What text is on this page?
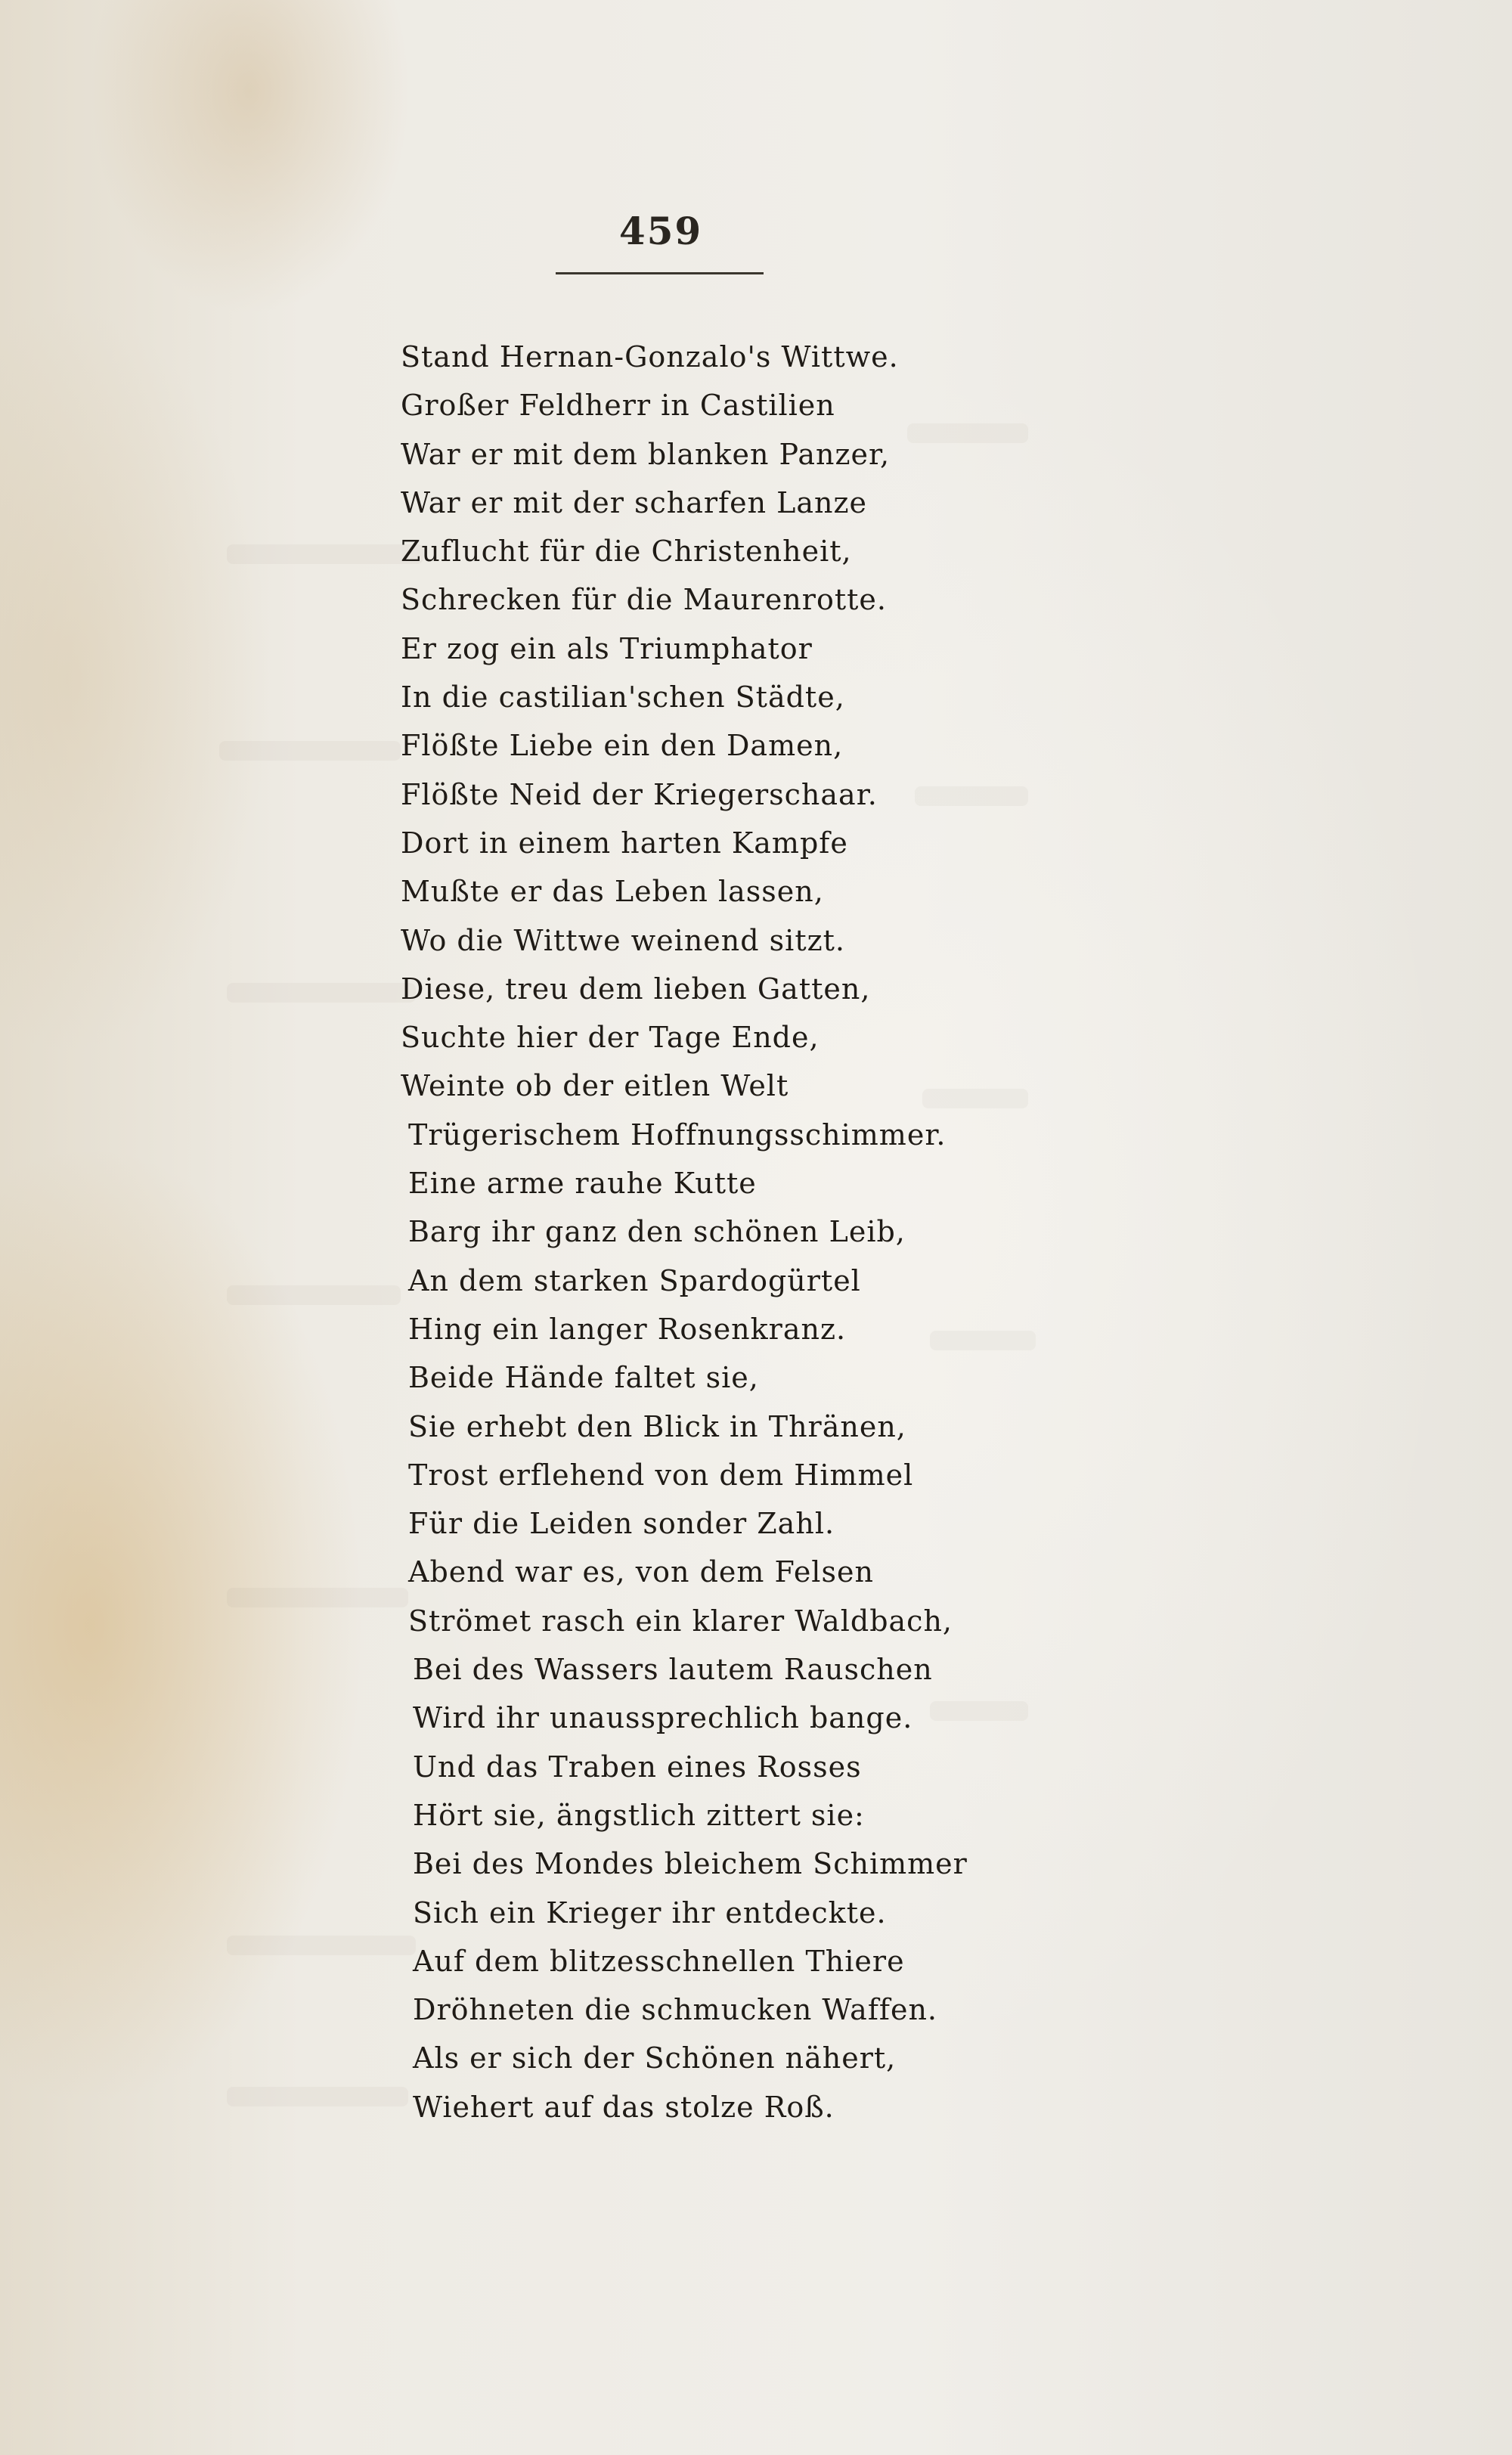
459
Stand Hernan-Gonzalo's Wittwe.
Großer Feldherr in Castilien
War er mit dem blanken Panzer,
War er mit der scharfen Lanze
Zuflucht für die Christenheit,
Schrecken für die Maurenrotte.
Er zog ein als Triumphator
In die castilian'schen Städte,
Flößte Liebe ein den Damen,
Flößte Neid der Kriegerschaar.
Dort in einem harten Kampfe
Mußte er das Leben lassen,
Wo die Wittwe weinend sitzt.
Diese, treu dem lieben Gatten,
Suchte hier der Tage Ende,
Weinte ob der eitlen Welt
Trügerischem Hoffnungsschimmer.
Eine arme rauhe Kutte
Barg ihr ganz den schönen Leib,
An dem starken Spardogürtel
Hing ein langer Rosenkranz.
Beide Hände faltet sie,
Sie erhebt den Blick in Thränen,
Trost erflehend von dem Himmel
Für die Leiden sonder Zahl.
Abend war es, von dem Felsen
Strömet rasch ein klarer Waldbach,
Bei des Wassers lautem Rauschen
Wird ihr unaussprechlich bange.
Und das Traben eines Rosses
Hört sie, ängstlich zittert sie:
Bei des Mondes bleichem Schimmer
Sich ein Krieger ihr entdeckte.
Auf dem blitzesschnellen Thiere
Dröhneten die schmucken Waffen.
Als er sich der Schönen nähert,
Wiehert auf das stolze Roß.
